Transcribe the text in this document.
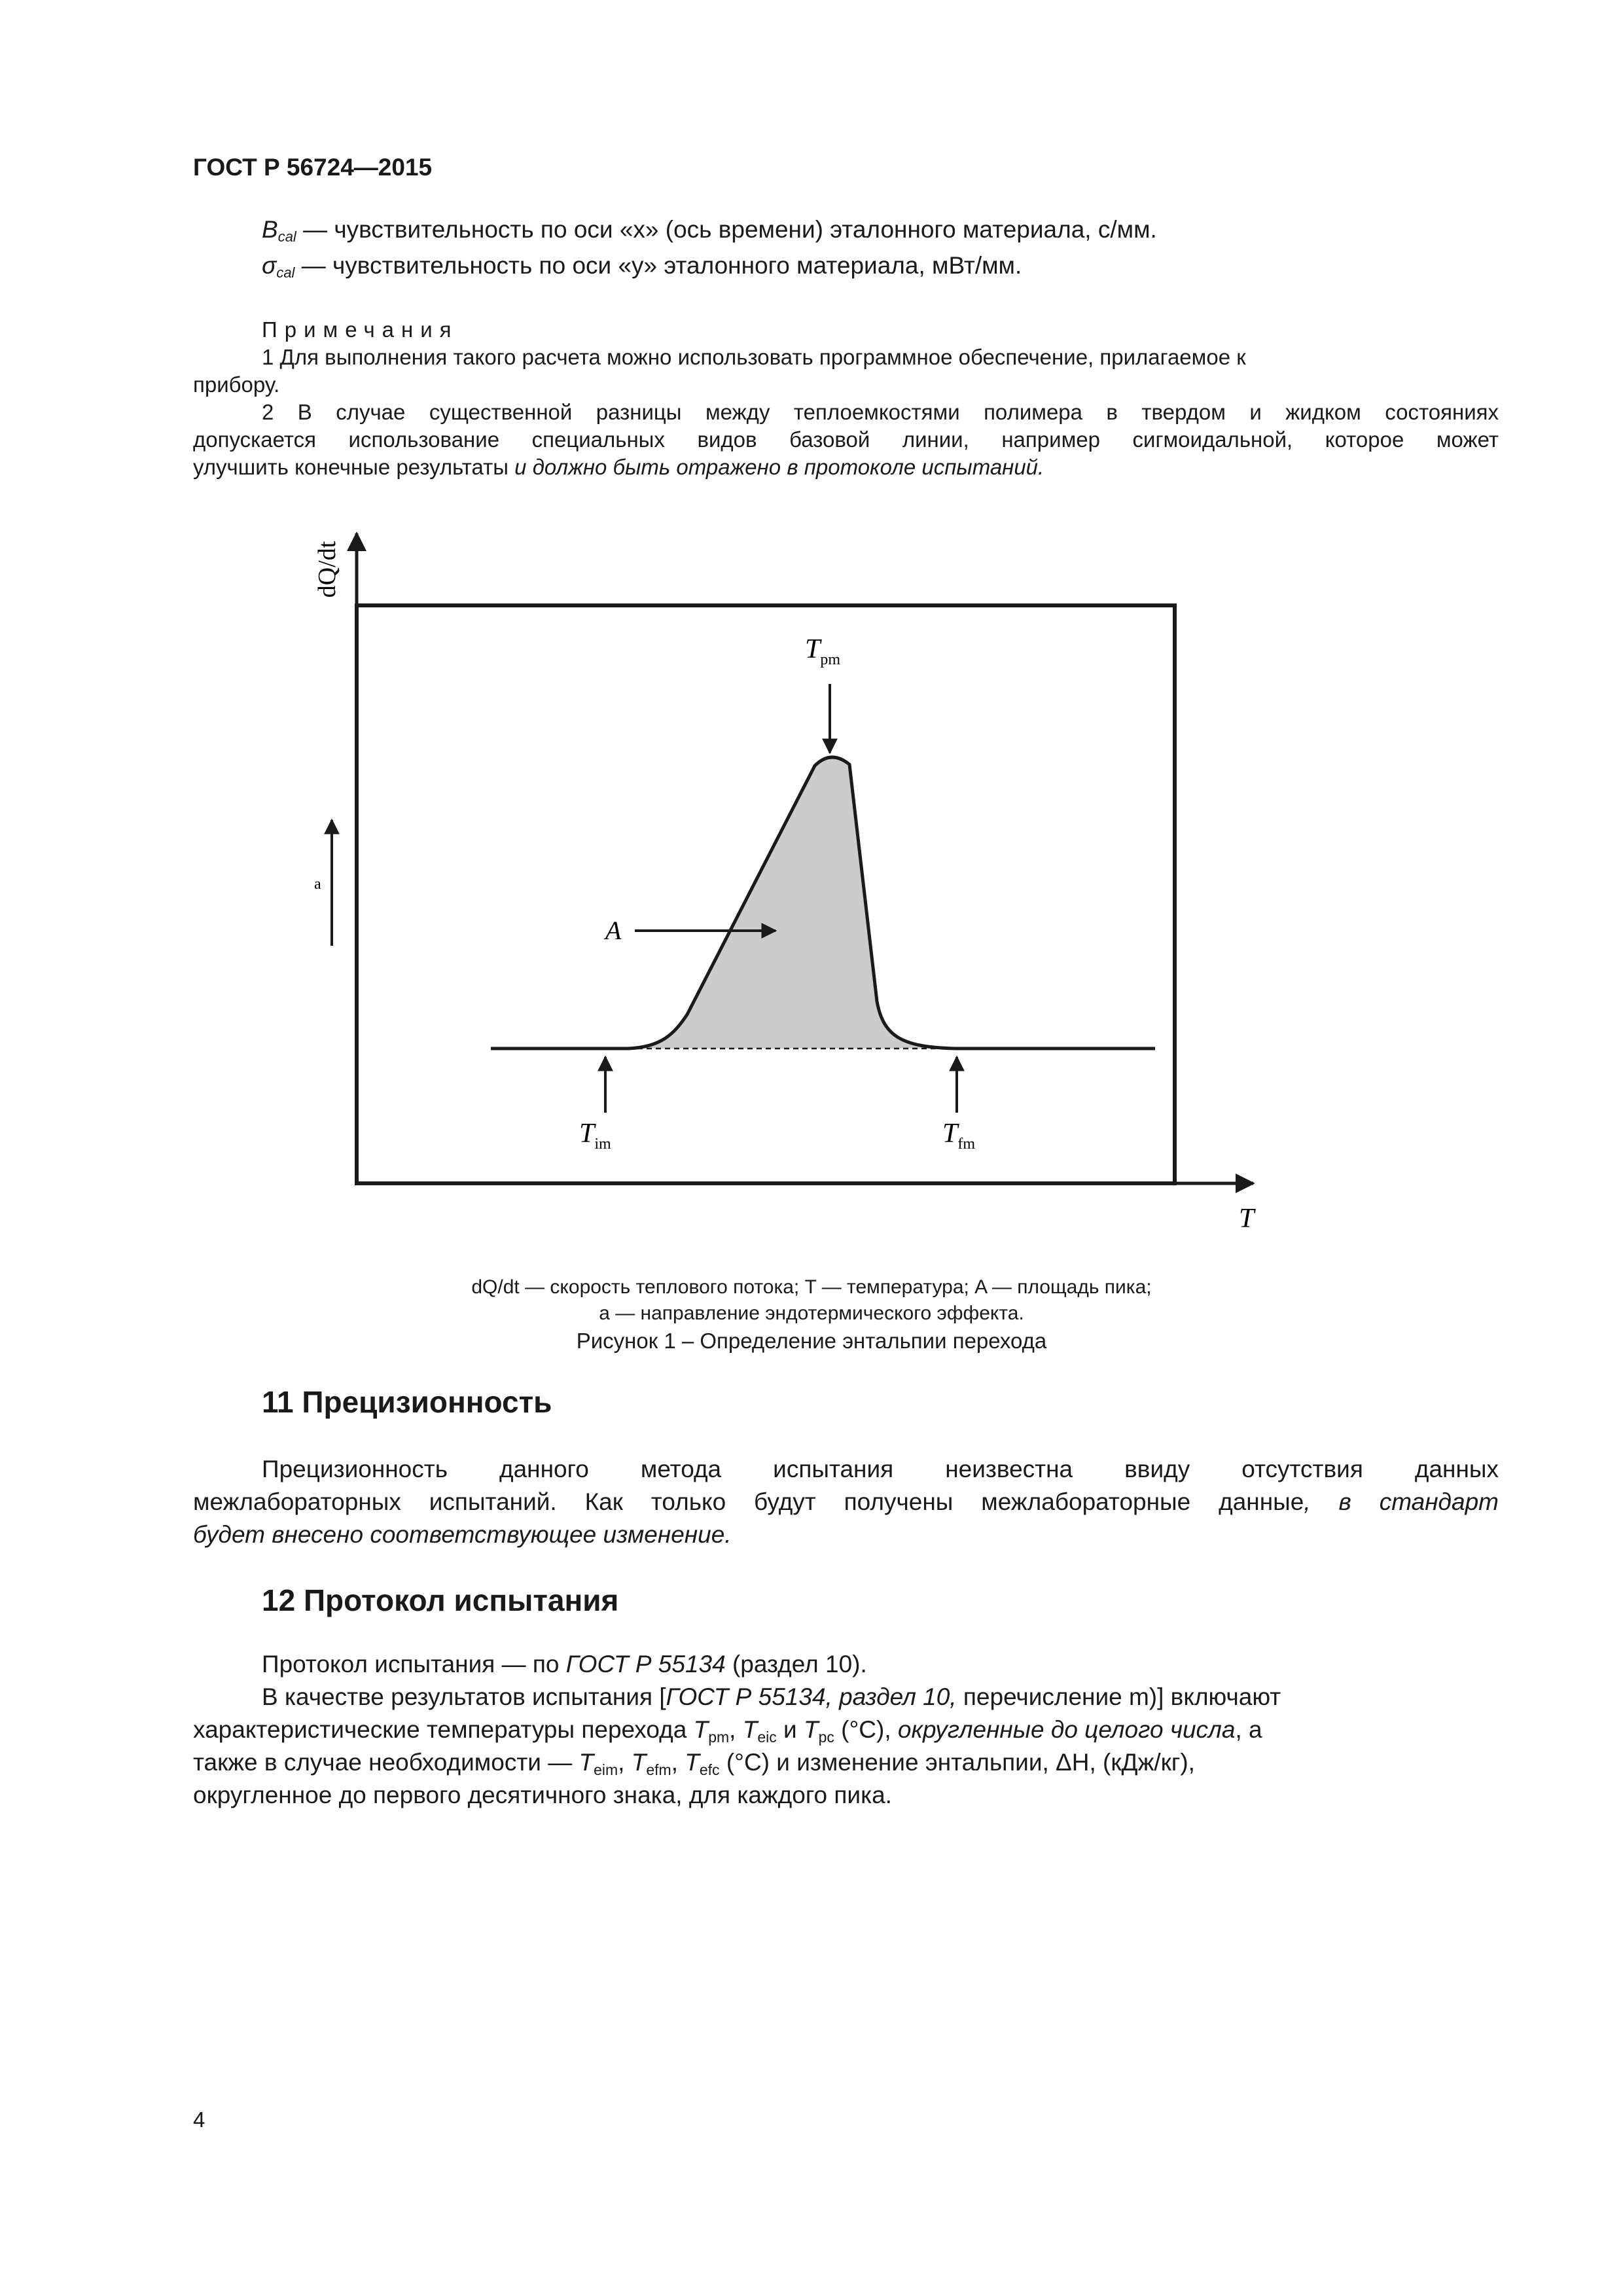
ГОСТ Р 56724—2015
Bcal — чувствительность по оси «x» (ось времени) эталонного материала, с/мм.
σcal — чувствительность по оси «y» эталонного материала, мВт/мм.
Примечания
1 Для выполнения такого расчета можно использовать программное обеспечение, прилагаемое к
прибору.
2 В случае существенной разницы между теплоемкостями полимера в твердом и жидком состояниях
допускается использование специальных видов базовой линии, например сигмоидальной, которое может
улучшить конечные результаты и должно быть отражено в протоколе испытаний.
dQ/dt
T
a
A
$T_{pm}$
$T_{im}$	$T_{fm}$
dQ/dt — скорость теплового потока; T — температура; A — площадь пика;
а — направление эндотермического эффекта.
Рисунок 1 – Определение энтальпии перехода
11 Прецизионность
Прецизионность данного метода испытания неизвестна ввиду отсутствия данных
межлабораторных испытаний. Как только будут получены межлабораторные данные, в стандарт
будет внесено соответствующее изменение.
12 Протокол испытания
Протокол испытания — по ГОСТ Р 55134 (раздел 10).
В качестве результатов испытания [ГОСТ Р 55134, раздел 10, перечисление m)] включают
характеристические температуры перехода Tpm, Teic и Tpc (°C), округленные до целого числа, а
также в случае необходимости — Teim, Tefm, Tefc (°C) и изменение энтальпии, ΔH, (кДж/кг),
округленное до первого десятичного знака, для каждого пика.
4
